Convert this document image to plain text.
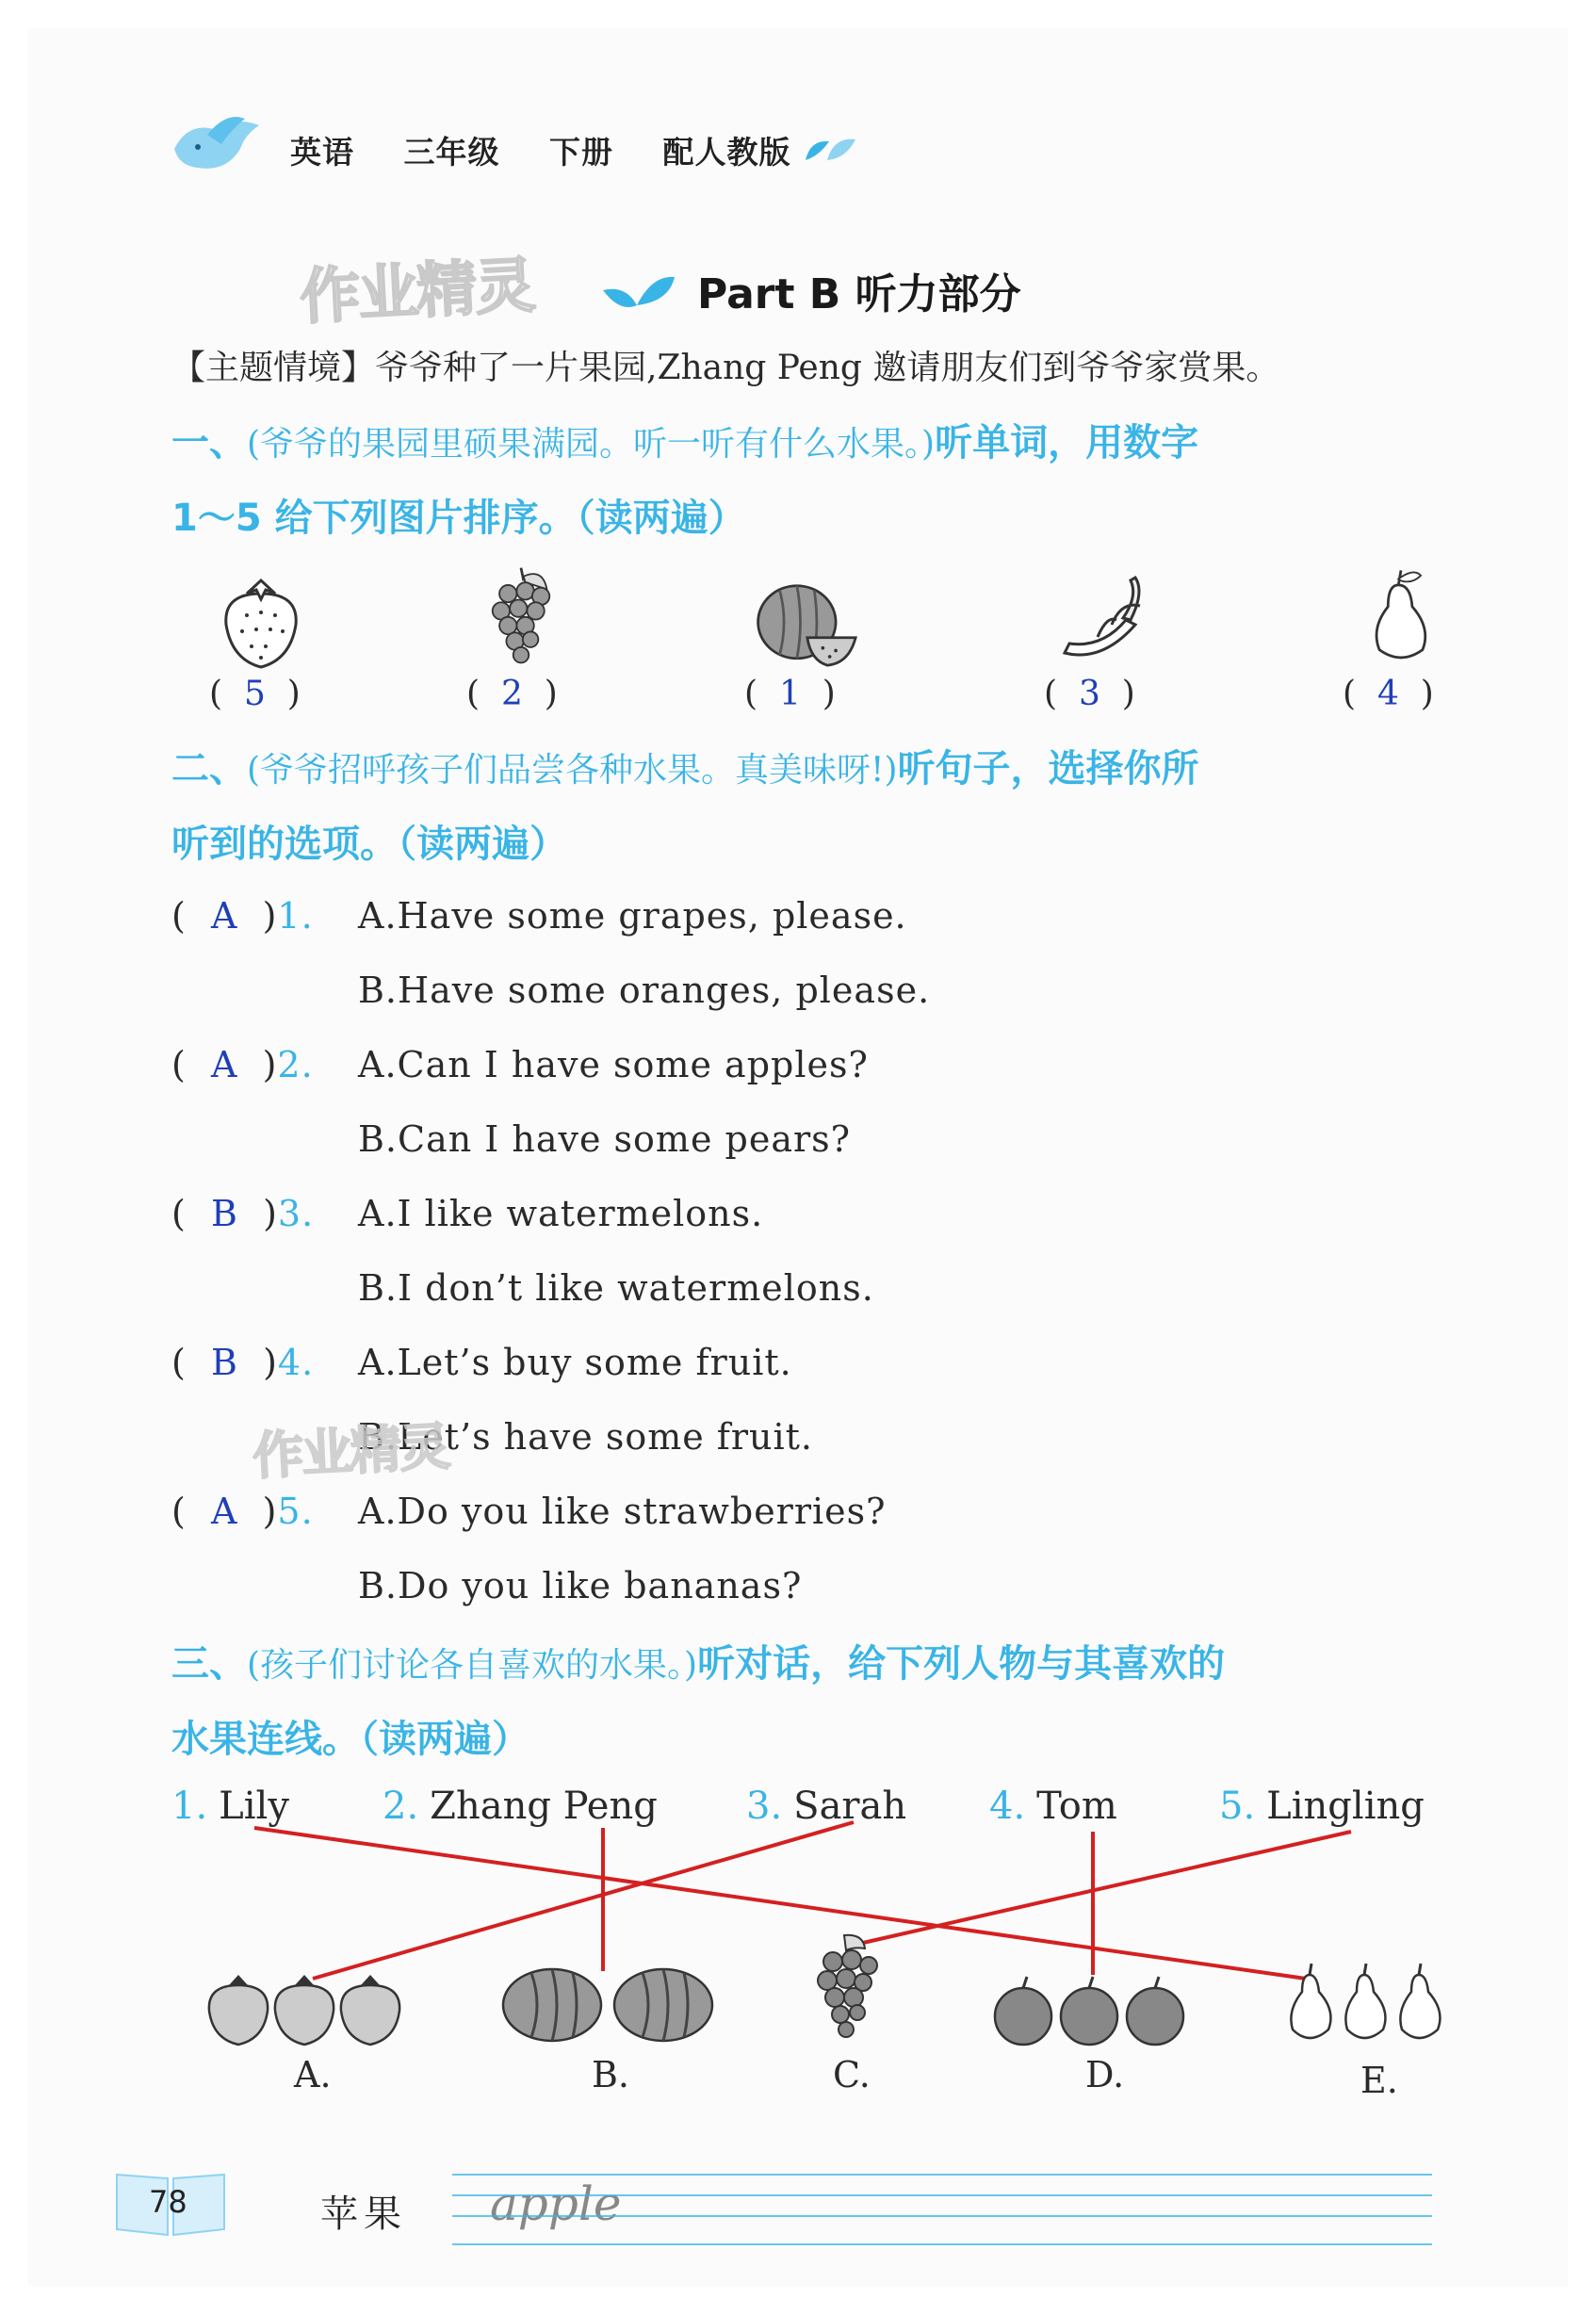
英语 三年级 下册 配人教版
作业精灵	Part B 听力部分
【主题情境】爷爷种了一片果园,Zhang Peng 邀请朋友们到爷爷家赏果。
一、(爷爷的果园里硕果满园。听一听有什么水果。)听单词，用数字
1～5 给下列图片排序。（读两遍）
(  5  )	(  2  )	(  1  )	(  3  )	(  4  )
二、(爷爷招呼孩子们品尝各种水果。真美味呀!)听句子，选择你所
听到的选项。（读两遍）
(  A  )1. A.Have some grapes, please.
B.Have some oranges, please.
(  A  )2. A.Can I have some apples?
B.Can I have some pears?
(  B  )3. A.I like watermelons.
B.I don’t like watermelons.
(  B  )4. A.Let’s buy some fruit.
B.Let’s have some fruit.
作业精灵
(  A  )5. A.Do you like strawberries?
B.Do you like bananas?
三、(孩子们讨论各自喜欢的水果。)听对话，给下列人物与其喜欢的
水果连线。（读两遍）
1. Lily 2. Zhang Peng 3. Sarah 4. Tom	5. Lingling
A.	B.	C.	D.	E.
78	苹果 apple
